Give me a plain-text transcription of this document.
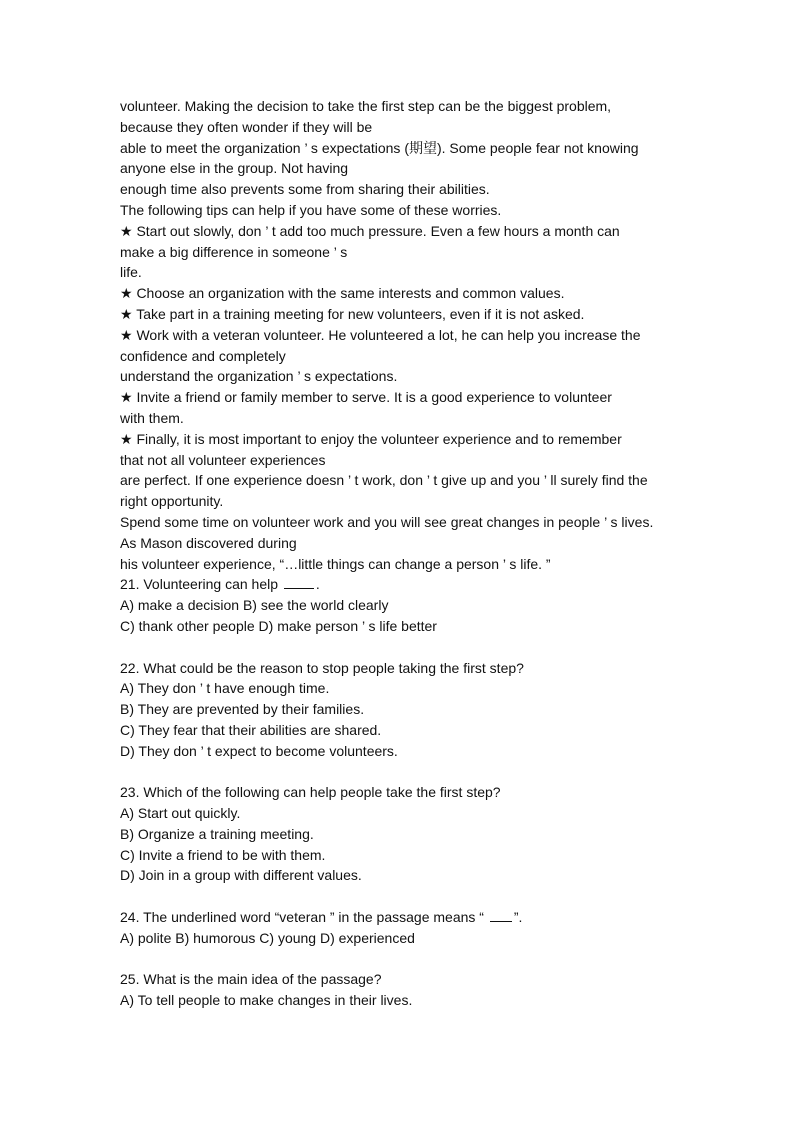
volunteer. Making the decision to take the first step can be the biggest problem,
because they often wonder if they will be
able to meet the organization ’ s expectations (期望). Some people fear not knowing
anyone else in the group. Not having
enough time also prevents some from sharing their abilities.
The following tips can help if you have some of these worries.
★ Start out slowly, don ’ t add too much pressure. Even a few hours a month can
make a big difference in someone ’ s
life.
★ Choose an organization with the same interests and common values.
★ Take part in a training meeting for new volunteers, even if it is not asked.
★ Work with a veteran volunteer. He volunteered a lot, he can help you increase the
confidence and completely
understand the organization ’ s expectations.
★ Invite a friend or family member to serve. It is a good experience to volunteer
with them.
★ Finally, it is most important to enjoy the volunteer experience and to remember
that not all volunteer experiences
are perfect. If one experience doesn ’ t work, don ’ t give up and you ’ ll surely find the
right opportunity.
Spend some time on volunteer work and you will see great changes in people ’ s lives.
As Mason discovered during
his volunteer experience, “…little things can change a person ’ s life. ”
21. Volunteering can help	.
A) make a decision B) see the world clearly
C) thank other people D) make person ’ s life better
22. What could be the reason to stop people taking the first step?
A) They don ’ t have enough time.
B) They are prevented by their families.
C) They fear that their abilities are shared.
D) They don ’ t expect to become volunteers.
23. Which of the following can help people take the first step?
A) Start out quickly.
B) Organize a training meeting.
C) Invite a friend to be with them.
D) Join in a group with different values.
24. The underlined word “veteran ” in the passage means “ ”.
A) polite B) humorous C) young D) experienced
25. What is the main idea of the passage?
A) To tell people to make changes in their lives.
